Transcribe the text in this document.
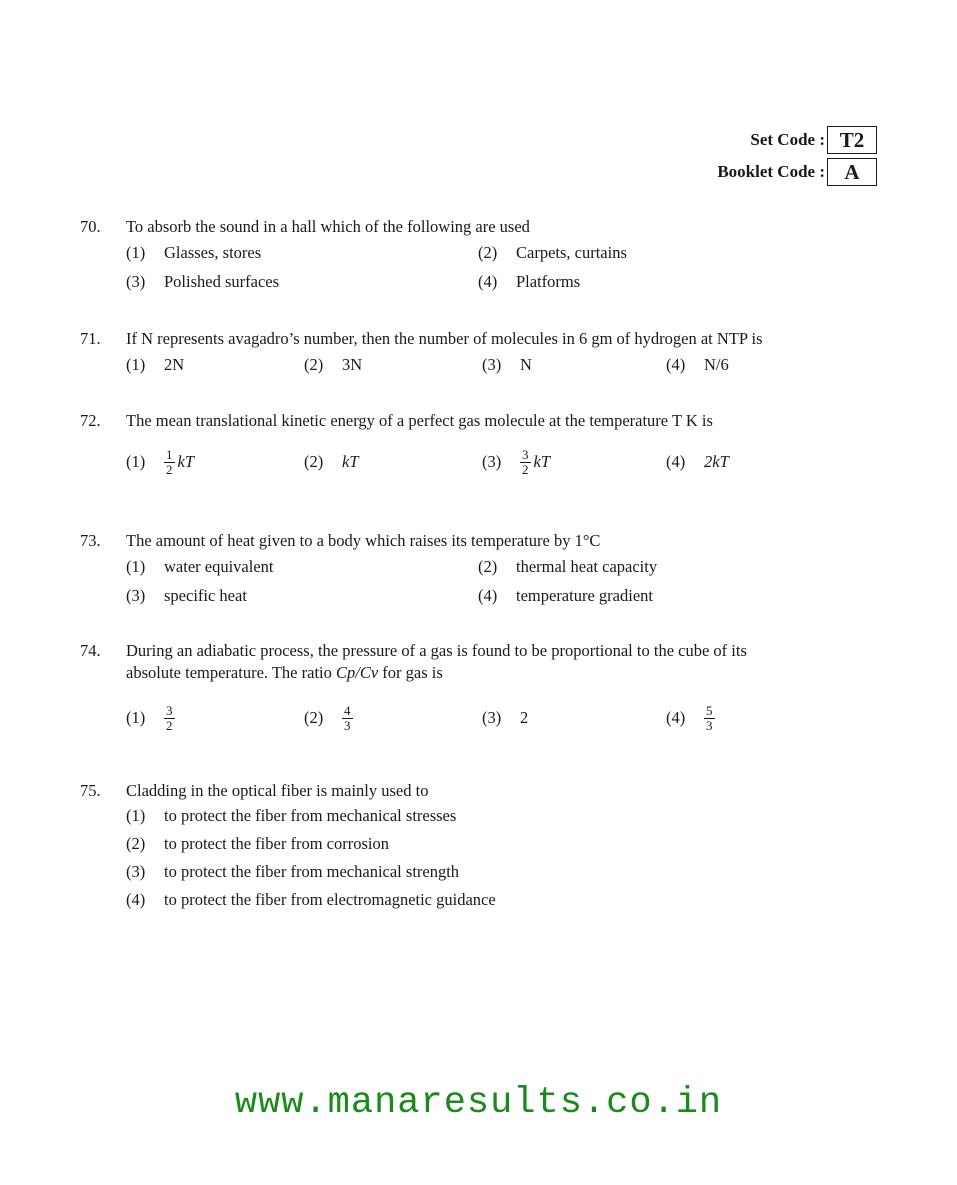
Set Code : T2
Booklet Code : A
70.	To absorb the sound in a hall which of the following are used
(1)	Glasses, stores	(2)	Carpets, curtains
(3)	Polished surfaces	(4)	Platforms
71.	If N represents avagadro’s number, then the number of molecules in 6 gm of hydrogen at NTP is
(1)	2N	(2)	3N	(3)	N	(4)	N/6
72.	The mean translational kinetic energy of a perfect gas molecule at the temperature T K is
(1)	$\frac{1}{2}$ kT	(2)	kT	(3)	$\frac{3}{2}$ kT	(4)	2kT
73.	The amount of heat given to a body which raises its temperature by 1°C
(1)	water equivalent	(2)	thermal heat capacity
(3)	specific heat	(4)	temperature gradient
74.	During an adiabatic process, the pressure of a gas is found to be proportional to the cube of its
absolute temperature. The ratio Cp/Cv for gas is
(1)	$\frac{3}{2}$	(2)	$\frac{4}{3}$	(3)	2	(4)	$\frac{5}{3}$
75.	Cladding in the optical fiber is mainly used to
(1)	to protect the fiber from mechanical stresses
(2)	to protect the fiber from corrosion
(3)	to protect the fiber from mechanical strength
(4)	to protect the fiber from electromagnetic guidance
www.manaresults.co.in
